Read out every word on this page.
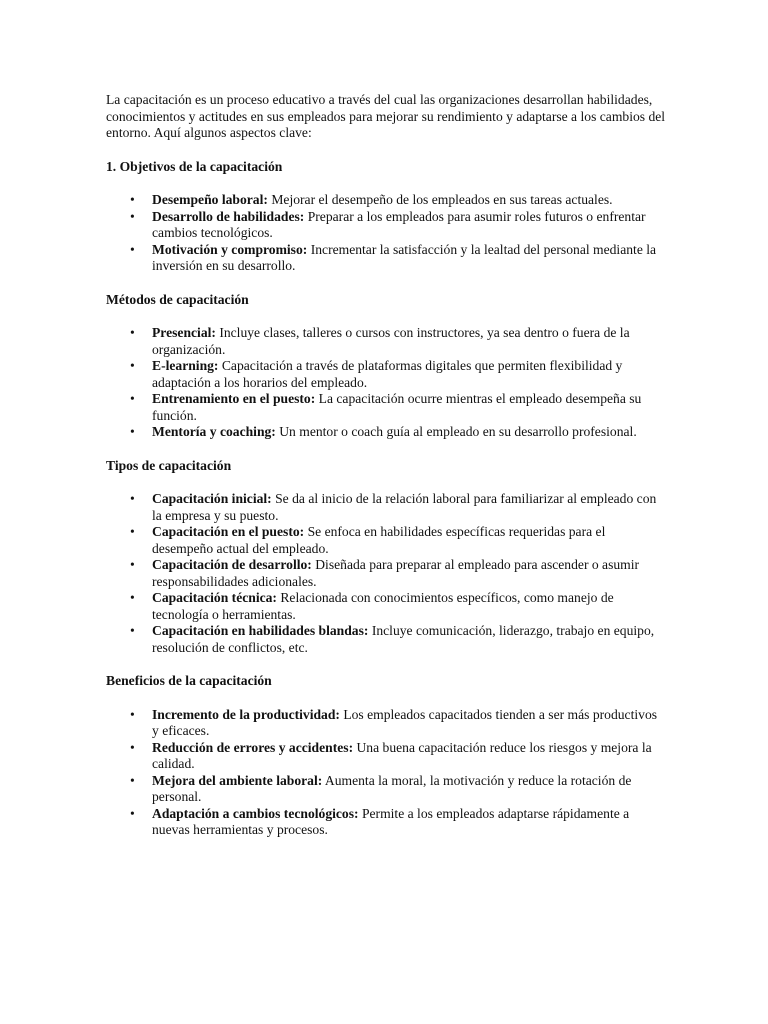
La capacitación es un proceso educativo a través del cual las organizaciones desarrollan habilidades, conocimientos y actitudes en sus empleados para mejorar su rendimiento y adaptarse a los cambios del entorno. Aquí algunos aspectos clave:

1. Objetivos de la capacitación
• Desempeño laboral: Mejorar el desempeño de los empleados en sus tareas actuales.
• Desarrollo de habilidades: Preparar a los empleados para asumir roles futuros o enfrentar cambios tecnológicos.
• Motivación y compromiso: Incrementar la satisfacción y la lealtad del personal mediante la inversión en su desarrollo.
Métodos de capacitación
• Presencial: Incluye clases, talleres o cursos con instructores, ya sea dentro o fuera de la organización.
• E-learning: Capacitación a través de plataformas digitales que permiten flexibilidad y adaptación a los horarios del empleado.
• Entrenamiento en el puesto: La capacitación ocurre mientras el empleado desempeña su función.
• Mentoría y coaching: Un mentor o coach guía al empleado en su desarrollo profesional.
Tipos de capacitación
• Capacitación inicial: Se da al inicio de la relación laboral para familiarizar al empleado con la empresa y su puesto.
• Capacitación en el puesto: Se enfoca en habilidades específicas requeridas para el desempeño actual del empleado.
• Capacitación de desarrollo: Diseñada para preparar al empleado para ascender o asumir responsabilidades adicionales.
• Capacitación técnica: Relacionada con conocimientos específicos, como manejo de tecnología o herramientas.
• Capacitación en habilidades blandas: Incluye comunicación, liderazgo, trabajo en equipo, resolución de conflictos, etc.
Beneficios de la capacitación
• Incremento de la productividad: Los empleados capacitados tienden a ser más productivos y eficaces.
• Reducción de errores y accidentes: Una buena capacitación reduce los riesgos y mejora la calidad.
• Mejora del ambiente laboral: Aumenta la moral, la motivación y reduce la rotación de personal.
• Adaptación a cambios tecnológicos: Permite a los empleados adaptarse rápidamente a nuevas herramientas y procesos.
